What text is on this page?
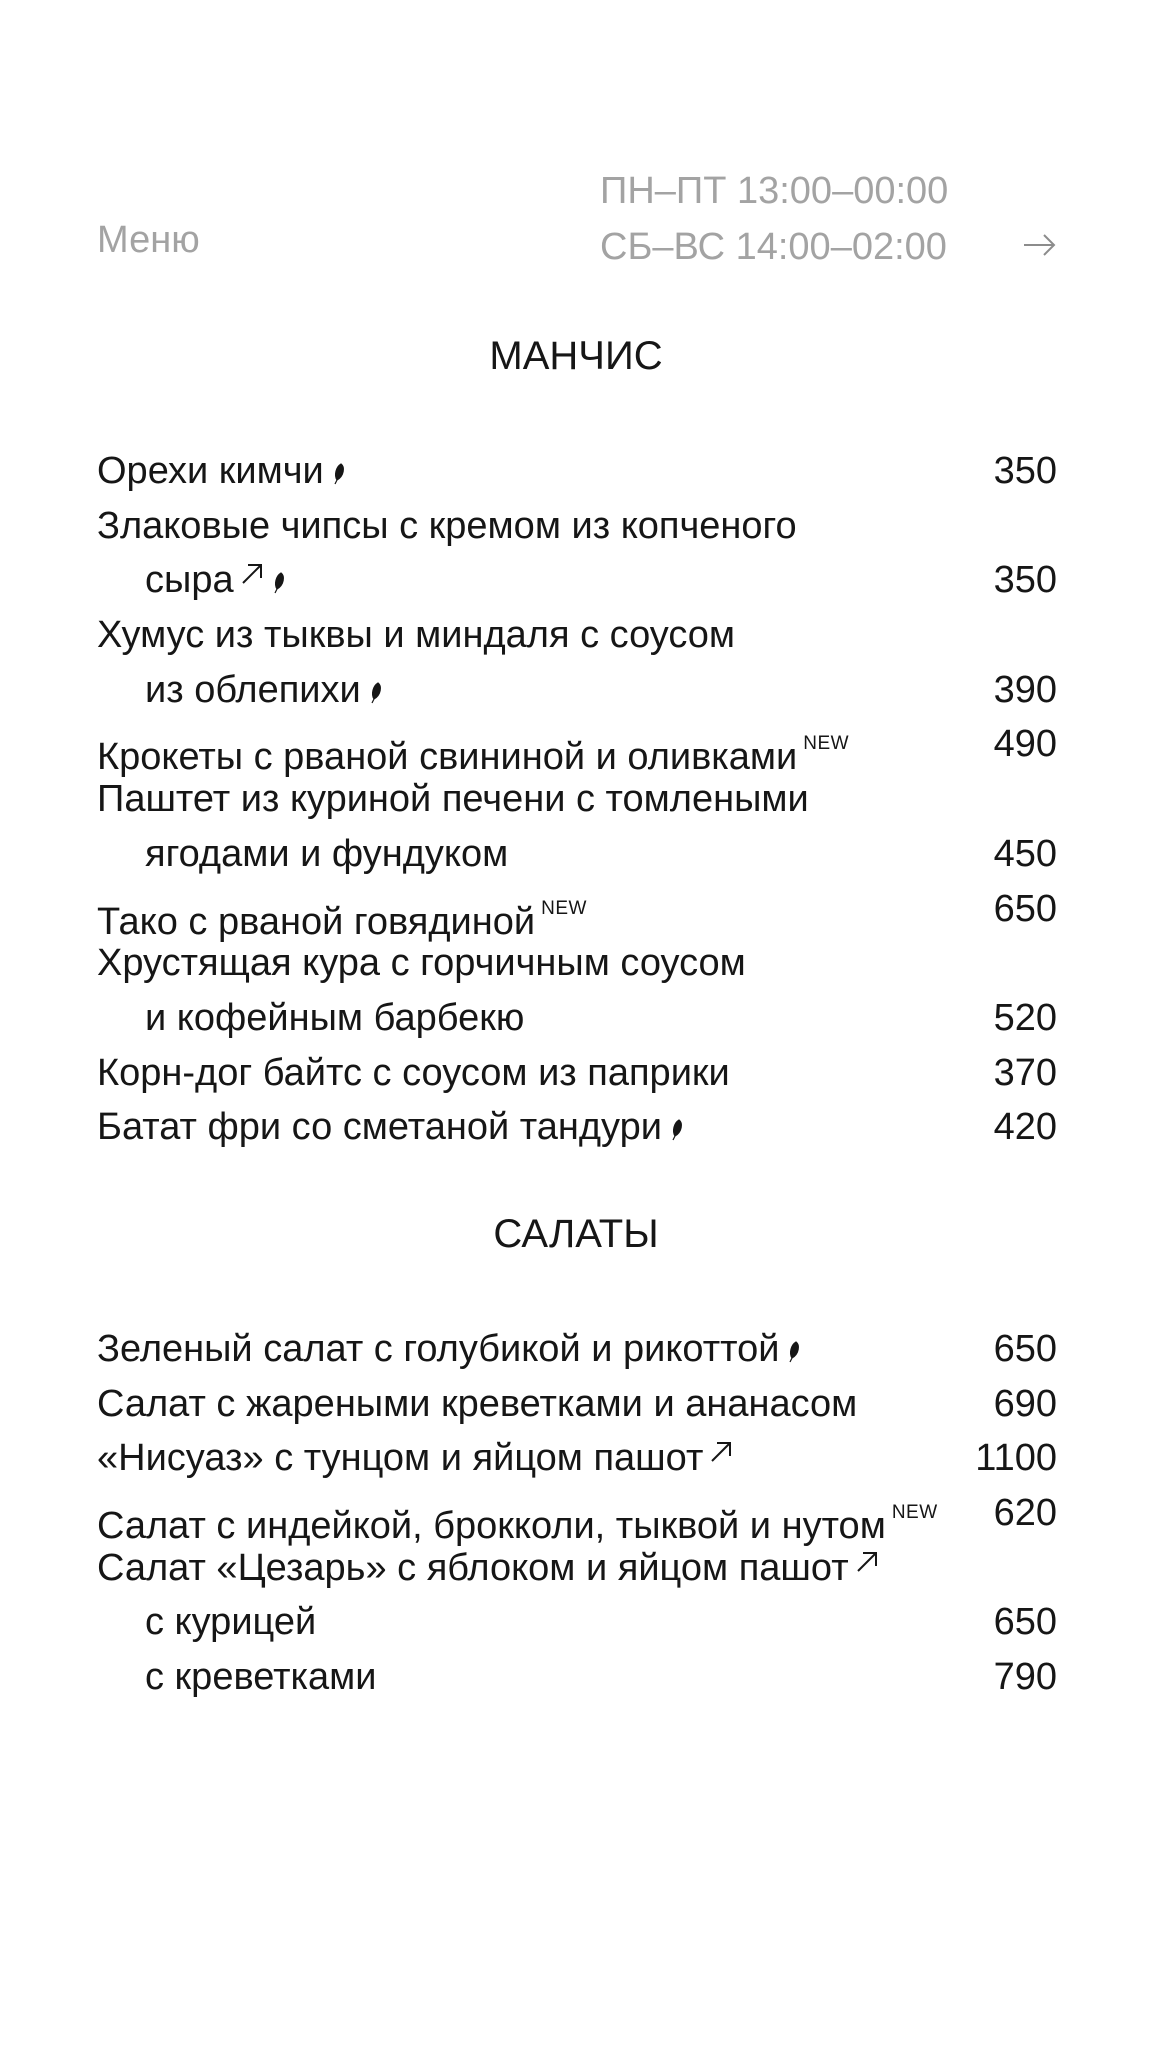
Меню
ПН–ПТ 13:00–00:00
СБ–ВС 14:00–02:00
МАНЧИС
Орехи кимчи	350
Злаковые чипсы с кремом из копченого
сыра	350
Хумус из тыквы и миндаля с соусом
из облепихи	390
Крокеты с рваной свининой и оливками $^{NEW}$	490
Паштет из куриной печени с томлеными
ягодами и фундуком	450
Тако с рваной говядиной $^{NEW}$	650
Хрустящая кура с горчичным соусом
и кофейным барбекю	520
Корн-дог байтс с соусом из паприки	370
Батат фри со сметаной тандури	420
САЛАТЫ
Зеленый салат с голубикой и рикоттой	650
Салат с жареными креветками и ананасом	690
«Нисуаз» с тунцом и яйцом пашот	1100
Салат с индейкой, брокколи, тыквой и нутом $^{NEW}$ 620
Салат «Цезарь» с яблоком и яйцом пашот
с курицей	650
с креветками	790
